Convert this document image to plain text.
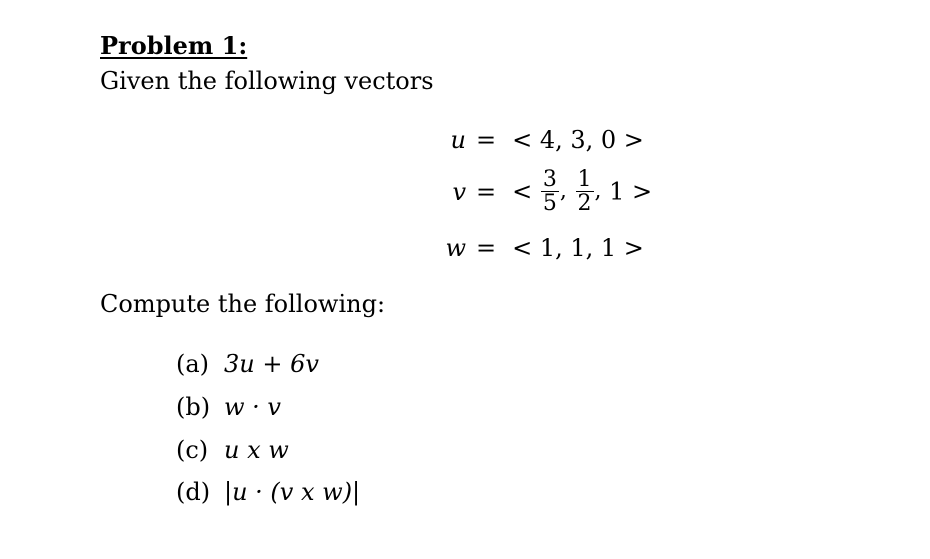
Problem 1:
Given the following vectors
u = < 4, 3, 0 >
v = < $\frac{3}{5}$ , $\frac{1}{2}$ , 1 >
w = < 1, 1, 1 >
Compute the following:
(a) 3u + 6v
(b) w · v
(c) u x w
(d) |u · (v x w)|
